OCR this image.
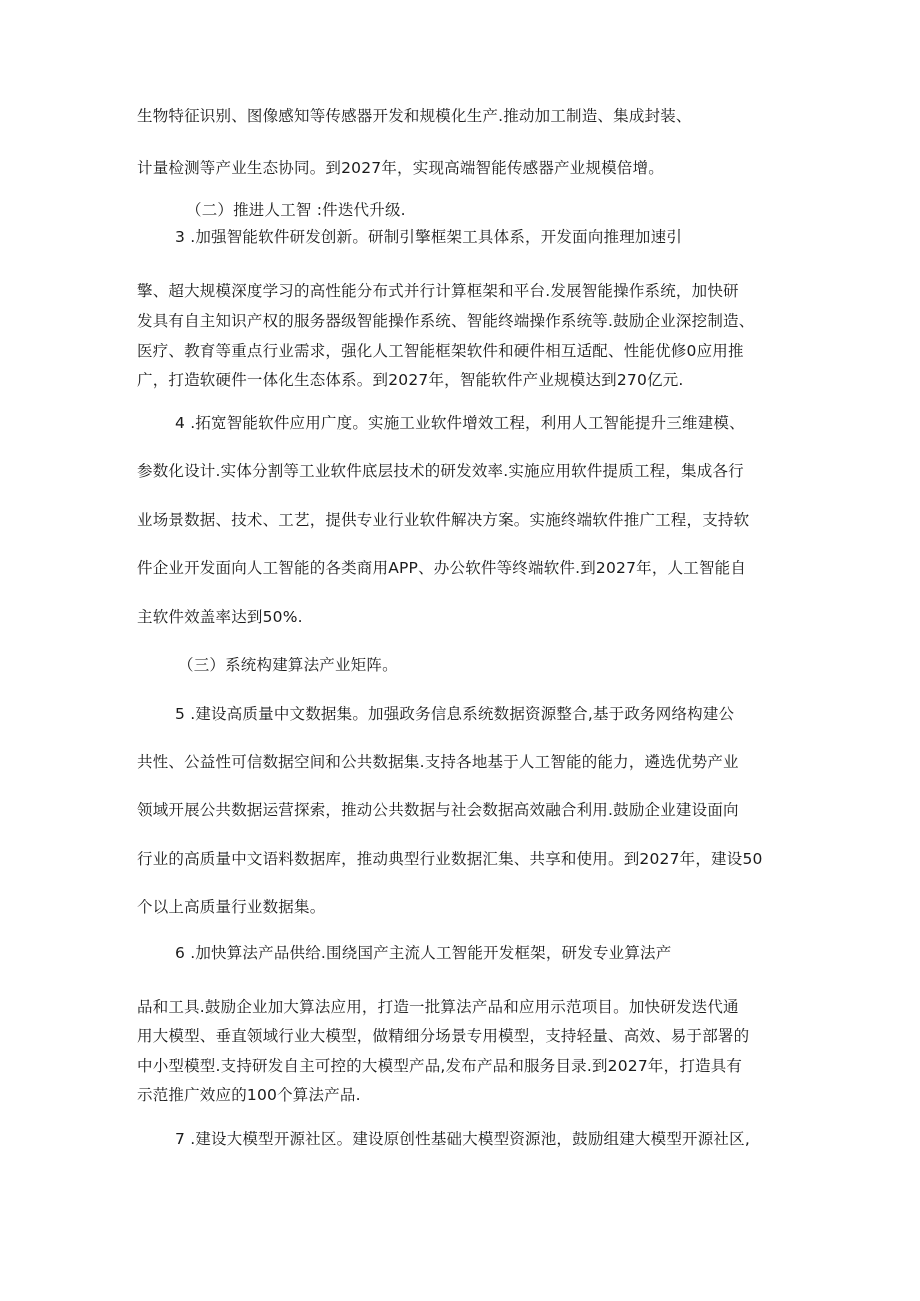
生物特征识别、图像感知等传感器开发和规模化生产.推动加工制造、集成封装、
计量检测等产业生态协同。到2027年，实现高端智能传感器产业规模倍增。
（二）推进人工智 :件迭代升级.
3 .加强智能软件研发创新。研制引擎框架工具体系，开发面向推理加速引
擎、超大规模深度学习的高性能分布式并行计算框架和平台.发展智能操作系统，加快研
发具有自主知识产权的服务器级智能操作系统、智能终端操作系统等.鼓励企业深挖制造、
医疗、教育等重点行业需求，强化人工智能框架软件和硬件相互适配、性能优修0应用推
广，打造软硬件一体化生态体系。到2027年，智能软件产业规模达到270亿元.
4 .拓宽智能软件应用广度。实施工业软件增效工程，利用人工智能提升三维建模、
参数化设计.实体分割等工业软件底层技术的研发效率.实施应用软件提质工程，集成各行
业场景数据、技术、工艺，提供专业行业软件解决方案。实施终端软件推广工程，支持软
件企业开发面向人工智能的各类商用APP、办公软件等终端软件.到2027年，人工智能自
主软件效盖率达到50%.
（三）系统构建算法产业矩阵。
5 .建设高质量中文数据集。加强政务信息系统数据资源整合,基于政务网络构建公
共性、公益性可信数据空间和公共数据集.支持各地基于人工智能的能力，遴选优势产业
领域开展公共数据运营探索，推动公共数据与社会数据高效融合利用.鼓励企业建设面向
行业的高质量中文语料数据库，推动典型行业数据汇集、共享和使用。到2027年，建设50
个以上高质量行业数据集。
6 .加快算法产品供给.围绕国产主流人工智能开发框架，研发专业算法产
品和工具.鼓励企业加大算法应用，打造一批算法产品和应用示范项目。加快研发迭代通
用大模型、垂直领域行业大模型，做精细分场景专用模型，支持轻量、高效、易于部署的
中小型模型.支持研发自主可控的大模型产品,发布产品和服务目录.到2027年，打造具有
示范推广效应的100个算法产品.
7 .建设大模型开源社区。建设原创性基础大模型资源池，鼓励组建大模型开源社区,
